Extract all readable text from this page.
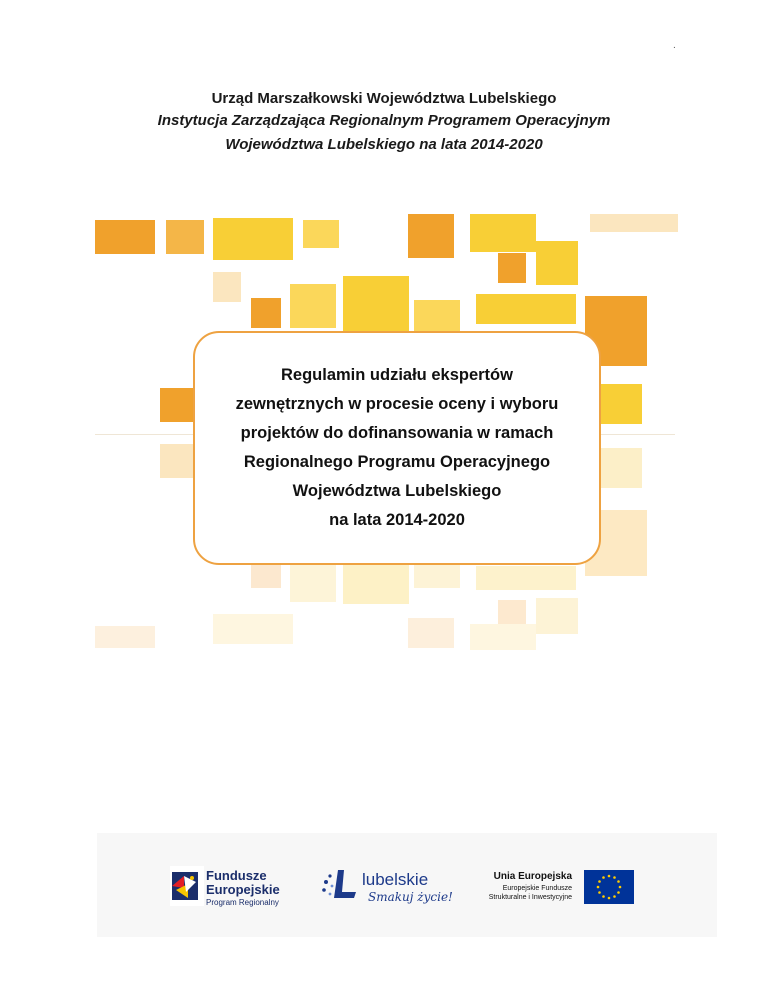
.
Urząd Marszałkowski Województwa Lubelskiego
Instytucja Zarządzająca Regionalnym Programem Operacyjnym
Województwa Lubelskiego na lata 2014-2020
Regulamin udziału ekspertów
zewnętrznych w procesie oceny i wyboru
projektów do dofinansowania w ramach
Regionalnego Programu Operacyjnego
Województwa Lubelskiego
na lata 2014-2020
Fundusze
Europejskie
Program Regionalny
lubelskie
Smakuj życie!
Unia Europejska
Europejskie Fundusze
Strukturalne i Inwestycyjne
